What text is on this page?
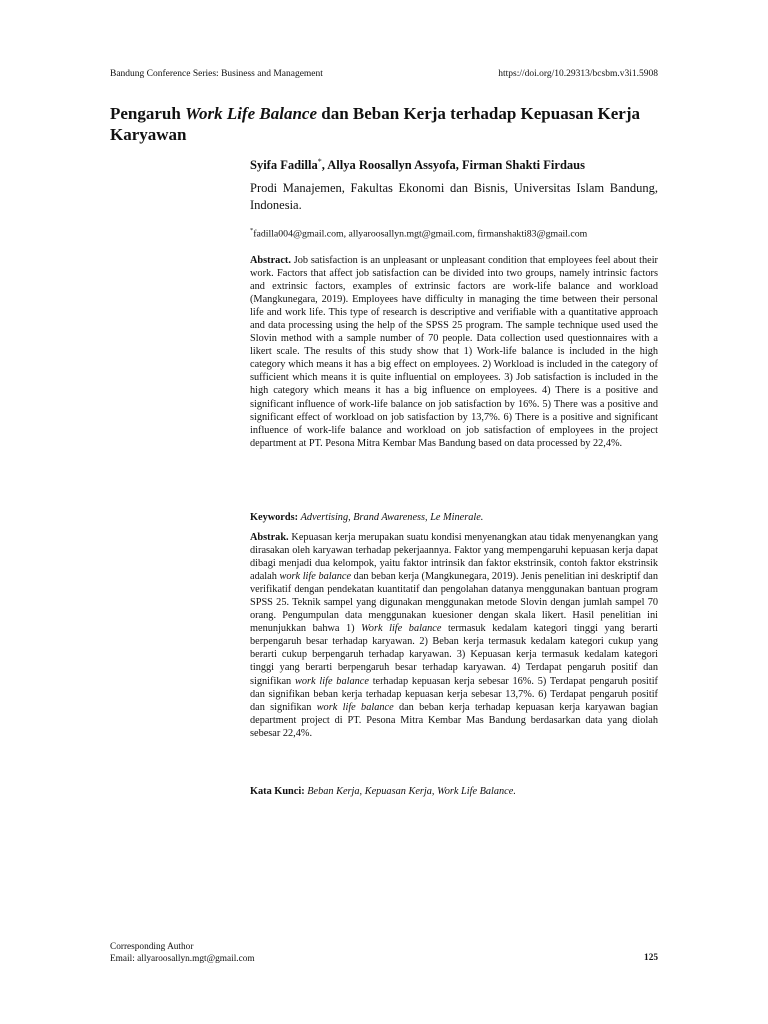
Bandung Conference Series: Business and Management	https://doi.org/10.29313/bcsbm.v3i1.5908
Pengaruh Work Life Balance dan Beban Kerja terhadap Kepuasan Kerja Karyawan
Syifa Fadilla*, Allya Roosallyn Assyofa, Firman Shakti Firdaus
Prodi Manajemen, Fakultas Ekonomi dan Bisnis, Universitas Islam Bandung, Indonesia.
*fadilla004@gmail.com, allyaroosallyn.mgt@gmail.com, firmanshakti83@gmail.com

Abstract. Job satisfaction is an unpleasant or unpleasant condition that employees feel about their work. Factors that affect job satisfaction can be divided into two groups, namely intrinsic factors and extrinsic factors, examples of extrinsic factors are work-life balance and workload (Mangkunegara, 2019). Employees have difficulty in managing the time between their personal life and work life. This type of research is descriptive and verifiable with a quantitative approach and data processing using the help of the SPSS 25 program. The sample technique used used the Slovin method with a sample number of 70 people. Data collection used questionnaires with a likert scale. The results of this study show that 1) Work-life balance is included in the high category which means it has a big effect on employees. 2) Workload is included in the category of sufficient which means it is quite influential on employees. 3) Job satisfaction is included in the high category which means it has a big influence on employees. 4) There is a positive and significant influence of work-life balance on job satisfaction by 16%. 5) There was a positive and significant effect of workload on job satisfaction by 13,7%. 6) There is a positive and significant influence of work-life balance and workload on job satisfaction of employees in the project department at PT. Pesona Mitra Kembar Mas Bandung based on data processed by 22,4%.

Keywords: Advertising, Brand Awareness, Le Minerale.

Abstrak. Kepuasan kerja merupakan suatu kondisi menyenangkan atau tidak menyenangkan yang dirasakan oleh karyawan terhadap pekerjaannya. Faktor yang mempengaruhi kepuasan kerja dapat dibagi menjadi dua kelompok, yaitu faktor intrinsik dan faktor ekstrinsik, contoh faktor ekstrinsik adalah work life balance dan beban kerja (Mangkunegara, 2019). Jenis penelitian ini deskriptif dan verifikatif dengan pendekatan kuantitatif dan pengolahan datanya menggunakan bantuan program SPSS 25. Teknik sampel yang digunakan menggunakan metode Slovin dengan jumlah sampel 70 orang. Pengumpulan data menggunakan kuesioner dengan skala likert. Hasil penelitian ini menunjukkan bahwa 1) Work life balance termasuk kedalam kategori tinggi yang berarti berpengaruh besar terhadap karyawan. 2) Beban kerja termasuk kedalam kategori cukup yang berarti cukup berpengaruh terhadap karyawan. 3) Kepuasan kerja termasuk kedalam kategori tinggi yang berarti berpengaruh besar terhadap karyawan. 4) Terdapat pengaruh positif dan signifikan work life balance terhadap kepuasan kerja sebesar 16%. 5) Terdapat pengaruh positif dan signifikan beban kerja terhadap kepuasan kerja sebesar 13,7%. 6) Terdapat pengaruh positif dan signifikan work life balance dan beban kerja terhadap kepuasan kerja karyawan bagian department project di PT. Pesona Mitra Kembar Mas Bandung berdasarkan data yang diolah sebesar 22,4%.

Kata Kunci: Beban Kerja, Kepuasan Kerja, Work Life Balance.
Corresponding Author
Email: allyaroosallyn.mgt@gmail.com	125
